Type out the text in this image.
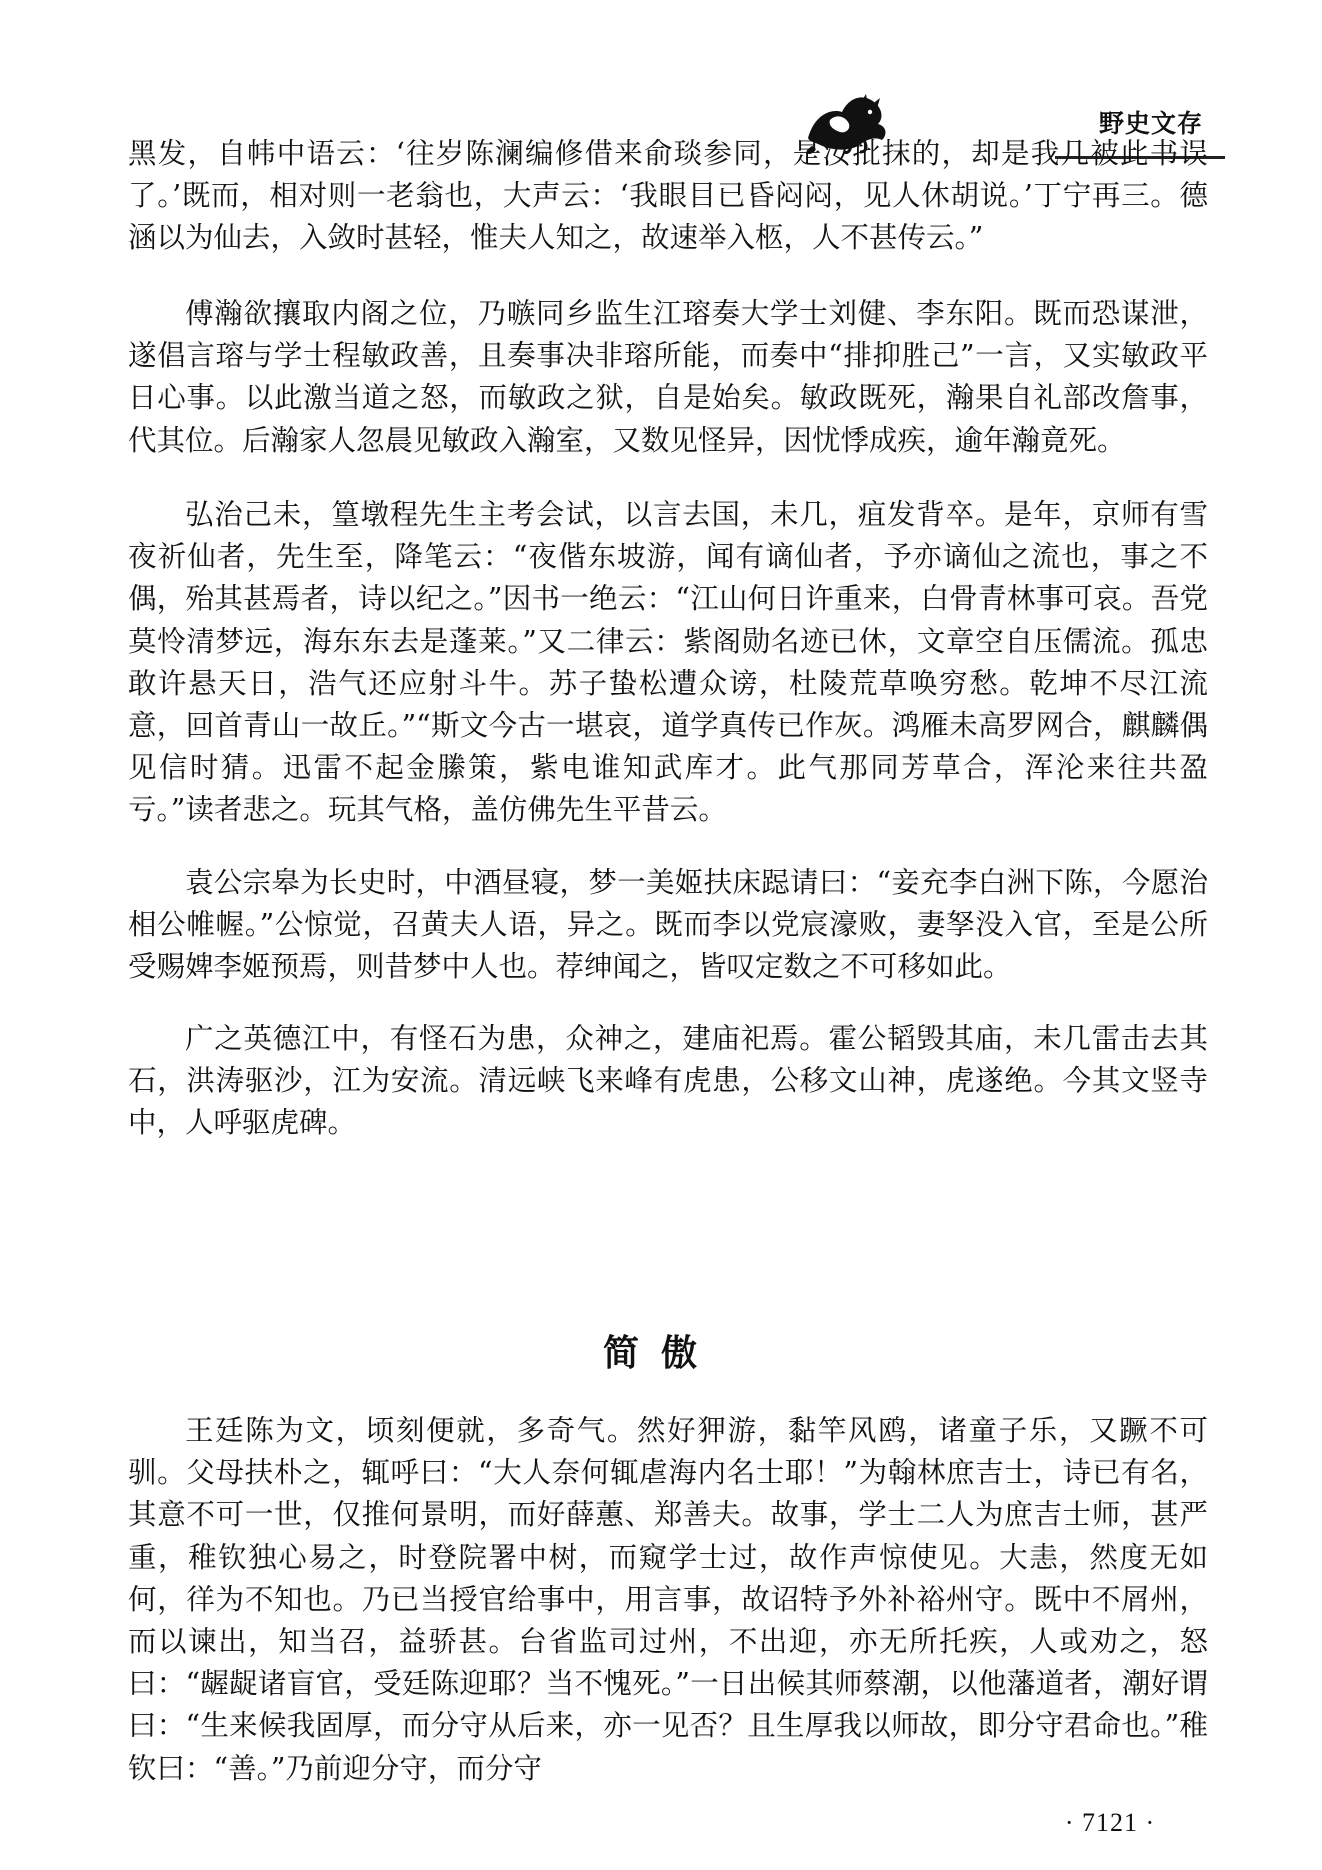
野史文存

黑发，自帏中语云：‘往岁陈澜编修借来俞琰参同，是汝批抹的，却是我几被此书误了。’既而，相对则一老翁也，大声云：‘我眼目已昏闷闷，见人休胡说。’丁宁再三。德涵以为仙去，入敛时甚轻，惟夫人知之，故速举入柩，人不甚传云。”

傅瀚欲攘取内阁之位，乃嗾同乡监生江瑢奏大学士刘健、李东阳。既而恐谋泄，遂倡言瑢与学士程敏政善，且奏事决非瑢所能，而奏中“排抑胜己”一言，又实敏政平日心事。以此激当道之怒，而敏政之狱，自是始矣。敏政既死，瀚果自礼部改詹事，代其位。后瀚家人忽晨见敏政入瀚室，又数见怪异，因忧悸成疾，逾年瀚竟死。

弘治己未，篁墩程先生主考会试，以言去国，未几，疽发背卒。是年，京师有雪夜祈仙者，先生至，降笔云：“夜偕东坡游，闻有谪仙者，予亦谪仙之流也，事之不偶，殆其甚焉者，诗以纪之。”因书一绝云：“江山何日许重来，白骨青林事可哀。吾党莫怜清梦远，海东东去是蓬莱。”又二律云：紫阁勋名迹已休，文章空自压儒流。孤忠敢许悬天日，浩气还应射斗牛。苏子蛰松遭众谤，杜陵荒草唤穷愁。乾坤不尽江流意，回首青山一故丘。”“斯文今古一堪哀，道学真传已作灰。鸿雁未高罗网合，麒麟偶见信时猜。迅雷不起金縢策，紫电谁知武库才。此气那同芳草合，浑沦来往共盈亏。”读者悲之。玩其气格，盖仿佛先生平昔云。

袁公宗皋为长史时，中酒昼寝，梦一美姬扶床跽请曰：“妾充李白洲下陈，今愿治相公帷幄。”公惊觉，召黄夫人语，异之。既而李以党宸濠败，妻孥没入官，至是公所受赐婢李姬预焉，则昔梦中人也。荐绅闻之，皆叹定数之不可移如此。

广之英德江中，有怪石为患，众神之，建庙祀焉。霍公韬毁其庙，未几雷击去其石，洪涛驱沙，江为安流。清远峡飞来峰有虎患，公移文山神，虎遂绝。今其文竖寺中，人呼驱虎碑。

简傲

王廷陈为文，顷刻便就，多奇气。然好狎游，黏竿风鸥，诸童子乐，又蹶不可驯。父母扶朴之，辄呼曰：“大人奈何辄虐海内名士耶！”为翰林庶吉士，诗已有名，其意不可一世，仅推何景明，而好薛蕙、郑善夫。故事，学士二人为庶吉士师，甚严重，稚钦独心易之，时登院署中树，而窥学士过，故作声惊使见。大恚，然度无如何，徉为不知也。乃已当授官给事中，用言事，故诏特予外补裕州守。既中不屑州，而以谏出，知当召，益骄甚。台省监司过州，不出迎，亦无所托疾，人或劝之，怒曰：“龌龊诸盲官，受廷陈迎耶？当不愧死。”一日出候其师蔡潮，以他藩道者，潮好谓曰：“生来候我固厚，而分守从后来，亦一见否？且生厚我以师故，即分守君命也。”稚钦曰：“善。”乃前迎分守，而分守

· 7121 ·
